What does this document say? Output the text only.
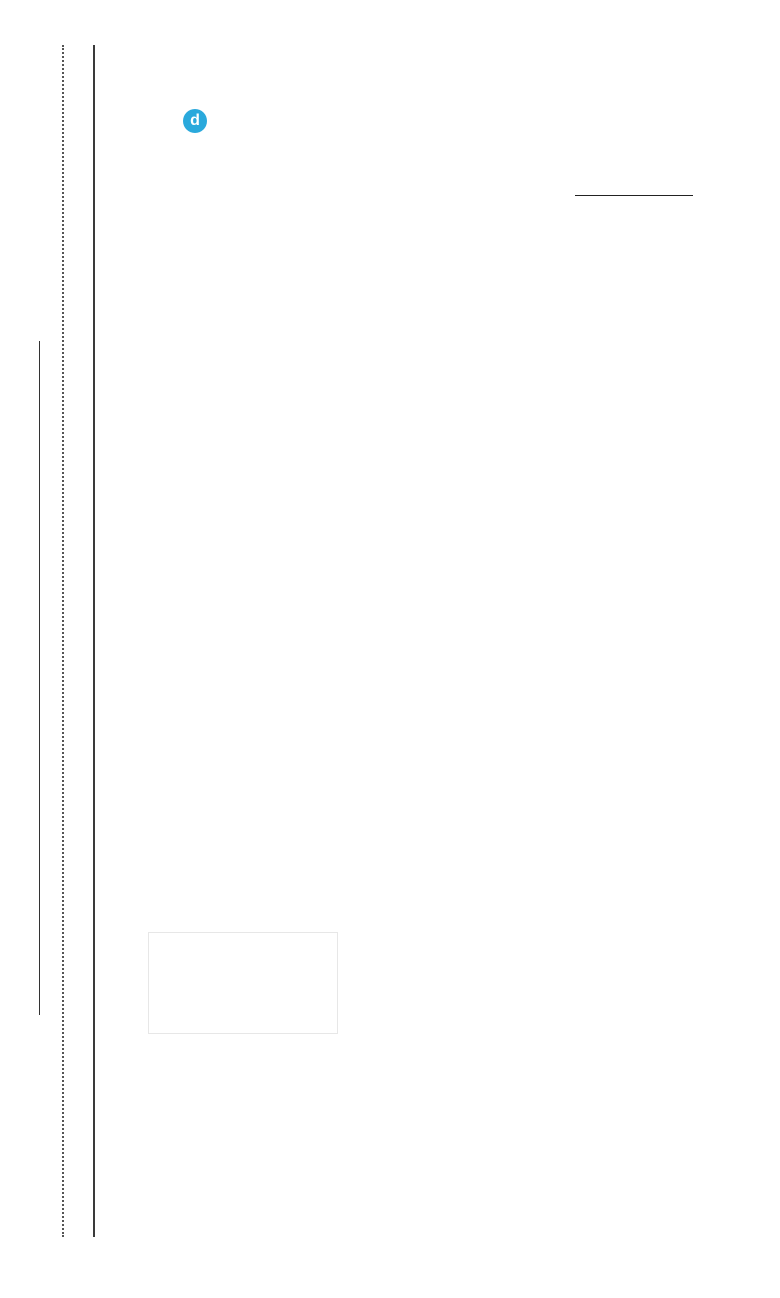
d
